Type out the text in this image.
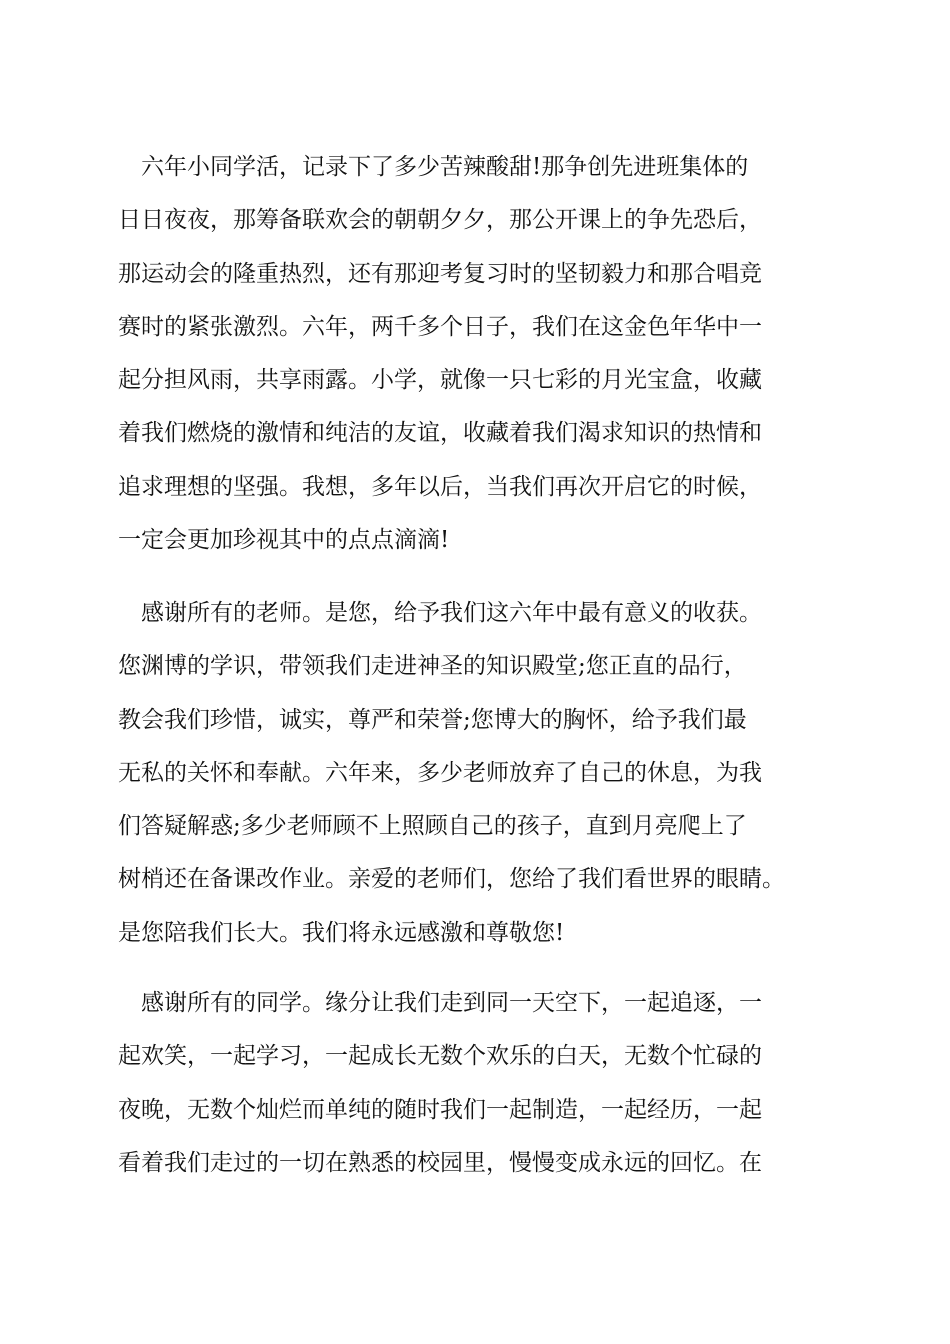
　六年小同学活，记录下了多少苦辣酸甜!那争创先进班集体的
日日夜夜，那筹备联欢会的朝朝夕夕，那公开课上的争先恐后，
那运动会的隆重热烈，还有那迎考复习时的坚韧毅力和那合唱竞
赛时的紧张激烈。六年，两千多个日子，我们在这金色年华中一
起分担风雨，共享雨露。小学，就像一只七彩的月光宝盒，收藏
着我们燃烧的激情和纯洁的友谊，收藏着我们渴求知识的热情和
追求理想的坚强。我想，多年以后，当我们再次开启它的时候，
一定会更加珍视其中的点点滴滴!
　感谢所有的老师。是您，给予我们这六年中最有意义的收获。
您渊博的学识，带领我们走进神圣的知识殿堂;您正直的品行，
教会我们珍惜，诚实，尊严和荣誉;您博大的胸怀，给予我们最
无私的关怀和奉献。六年来，多少老师放弃了自己的休息，为我
们答疑解惑;多少老师顾不上照顾自己的孩子，直到月亮爬上了
树梢还在备课改作业。亲爱的老师们，您给了我们看世界的眼睛。
是您陪我们长大。我们将永远感激和尊敬您!
　感谢所有的同学。缘分让我们走到同一天空下，一起追逐，一
起欢笑，一起学习，一起成长无数个欢乐的白天，无数个忙碌的
夜晚，无数个灿烂而单纯的随时我们一起制造，一起经历，一起
看着我们走过的一切在熟悉的校园里，慢慢变成永远的回忆。在
